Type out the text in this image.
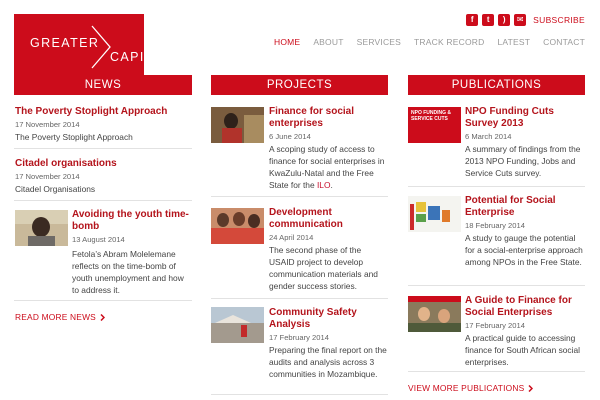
GREATER
CAPITAL
f	t	)	✉	SUBSCRIBE
HOME ABOUT SERVICES TRACK RECORD LATEST CONTACT
NEWS	PROJECTS	PUBLICATIONS
The Poverty Stoplight Approach
17 November 2014
The Poverty Stoplight Approach
Citadel organisations
17 November 2014
Citadel Organisations
Avoiding the youth time-bomb
13 August 2014
Fetola’s Abram Molelemane reflects on the time-bomb of youth unemployment and how to address it.
READ MORE NEWS
Finance for social enterprises
6 June 2014
A scoping study of access to finance for social enterprises in KwaZulu-Natal and the Free State for the ILO.
Development communication
24 April 2014
The second phase of the USAID project to develop communication materials and gender success stories.
Community Safety Analysis
17 February 2014
Preparing the final report on the audits and analysis across 3 communities in Mozambique.
NPO FUNDING & SERVICE CUTS
NPO Funding Cuts Survey 2013
6 March 2014
A summary of findings from the 2013 NPO Funding, Jobs and Service Cuts survey.
Potential for Social Enterprise
18 February 2014
A study to gauge the potential for a social-enterprise approach among NPOs in the Free State.
A Guide to Finance for Social Enterprises
17 February 2014
A practical guide to accessing finance for South African social enterprises.
VIEW MORE PUBLICATIONS
